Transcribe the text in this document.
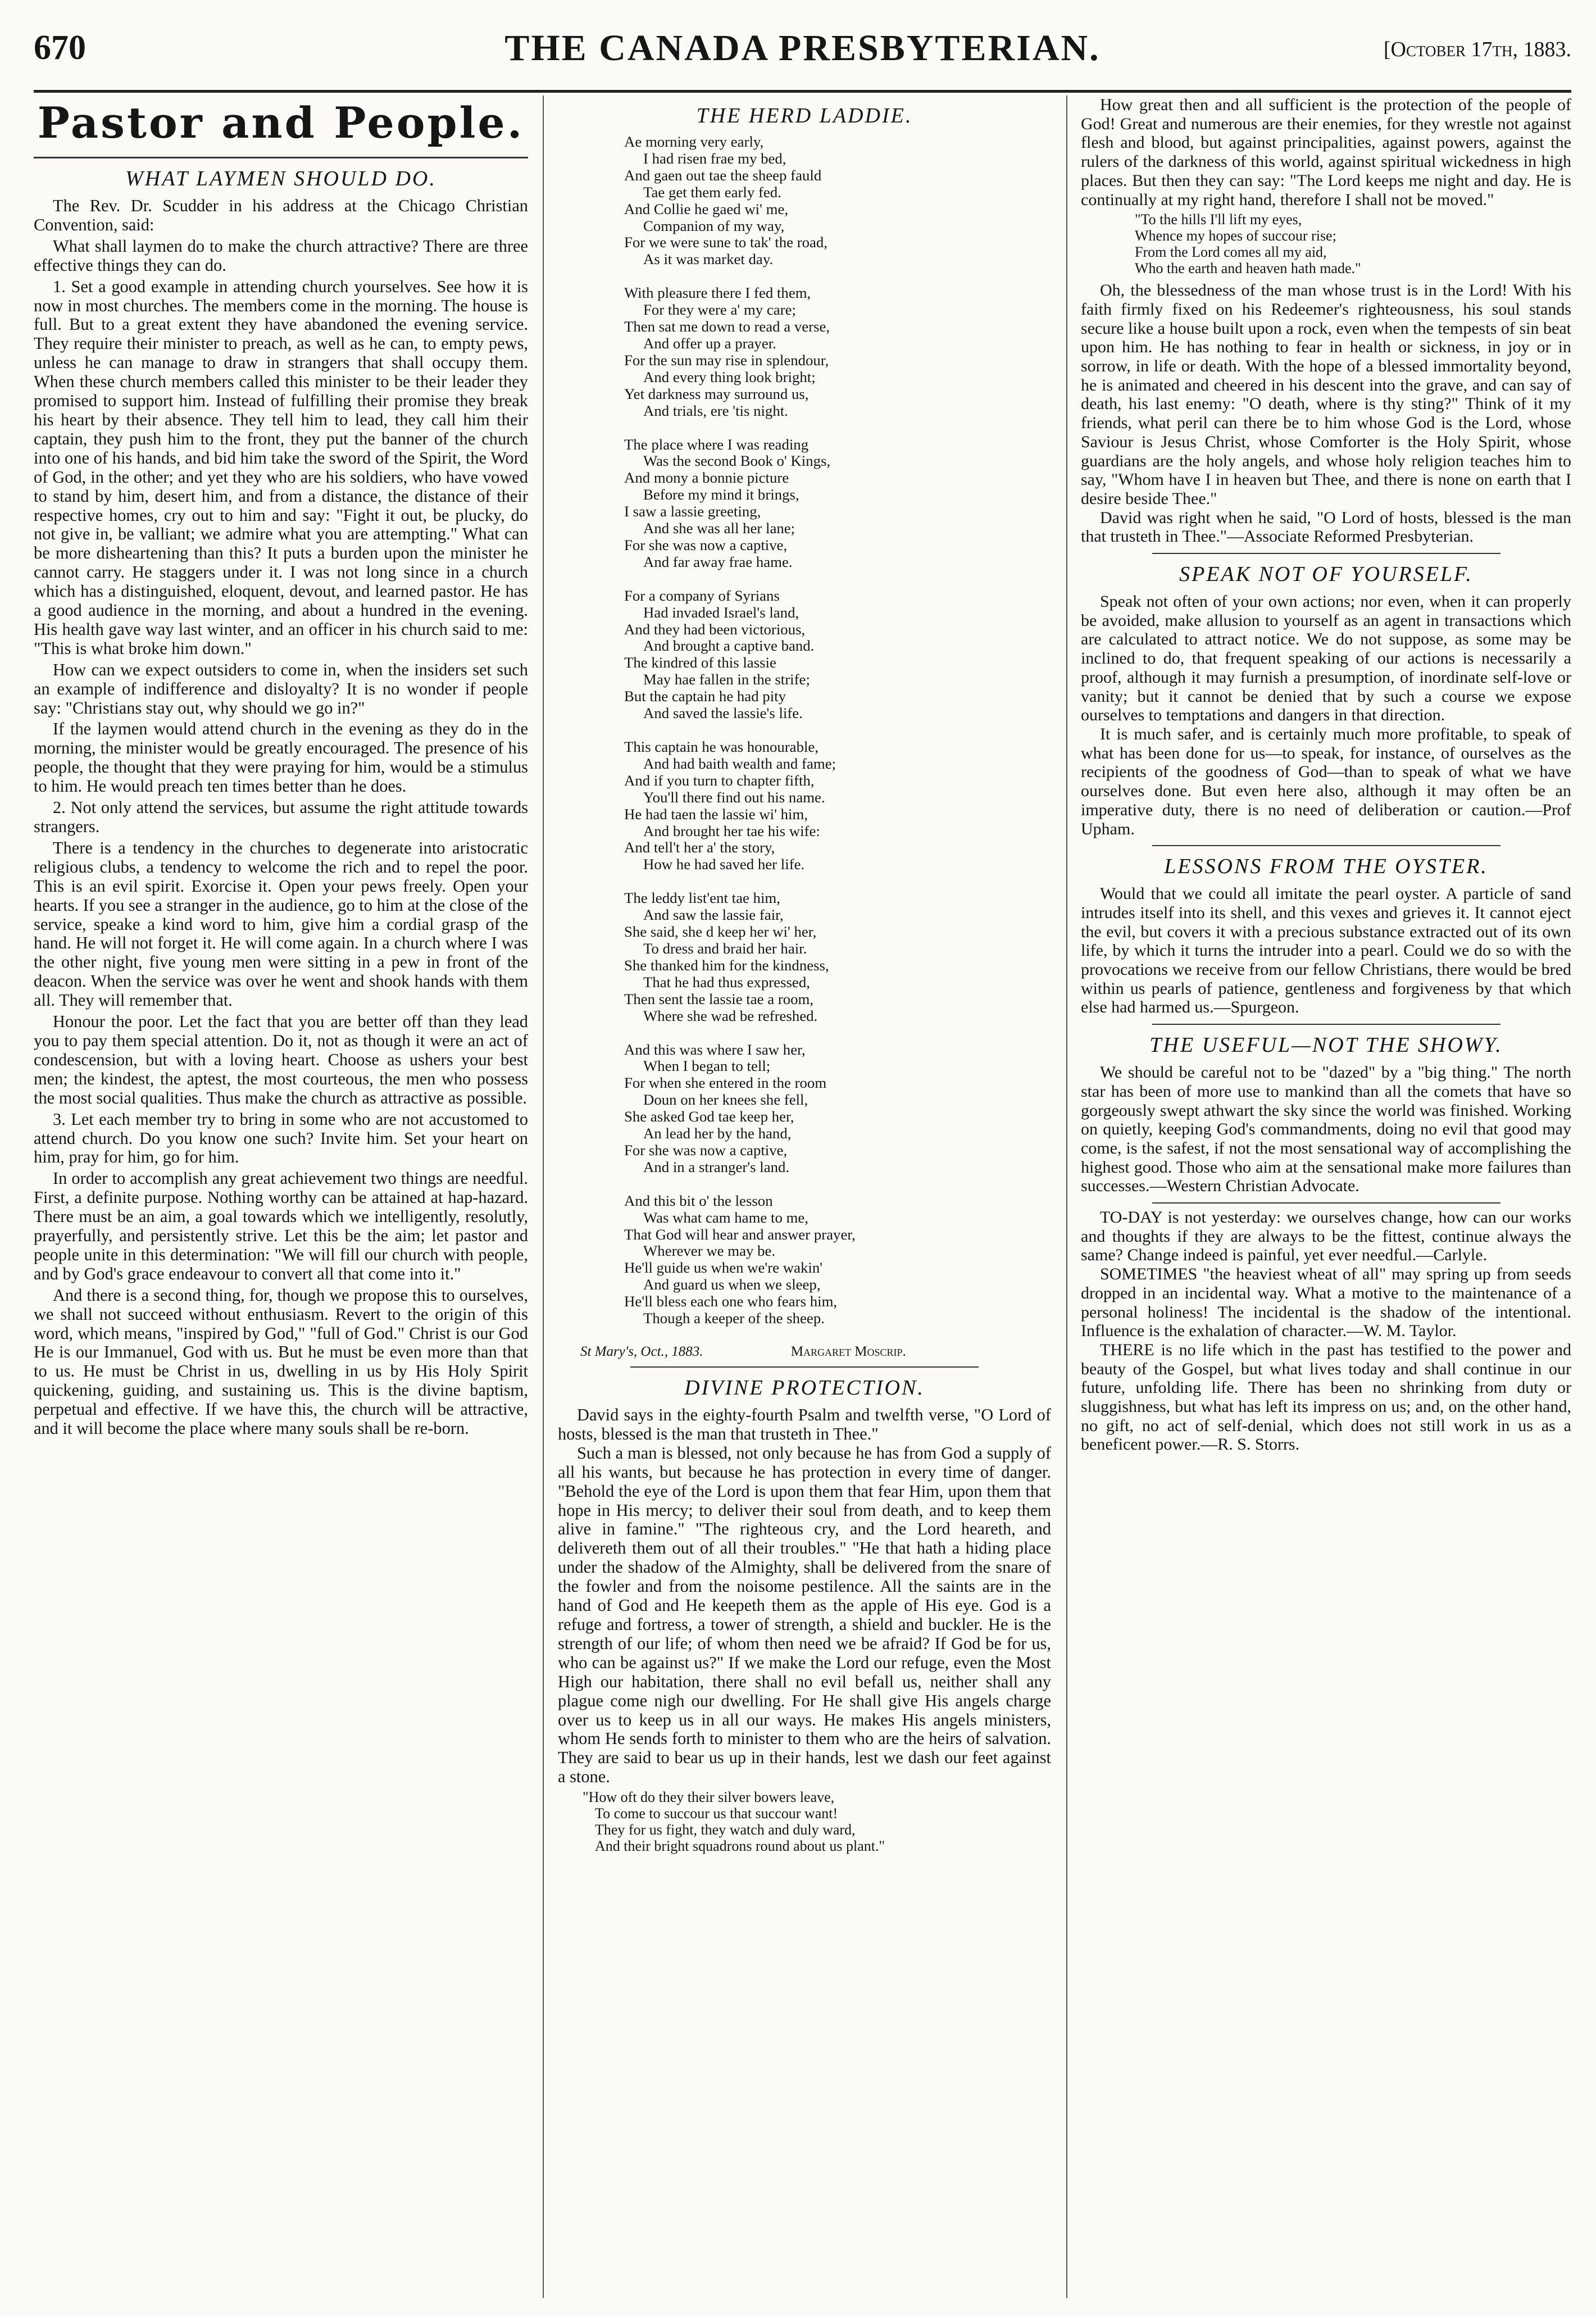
670	THE CANADA PRESBYTERIAN.	[October 17th, 1883.
Pastor and People.
WHAT LAYMEN SHOULD DO.

The Rev. Dr. Scudder in his address at the Chicago Christian Convention, said:

What shall laymen do to make the church attractive? There are three effective things they can do.

1. Set a good example in attending church yourselves. See how it is now in most churches. The members come in the morning. The house is full. But to a great extent they have abandoned the evening service. They require their minister to preach, as well as he can, to empty pews, unless he can manage to draw in strangers that shall occupy them. When these church members called this minister to be their leader they promised to support him. Instead of fulfilling their promise they break his heart by their absence. They tell him to lead, they call him their captain, they push him to the front, they put the banner of the church into one of his hands, and bid him take the sword of the Spirit, the Word of God, in the other; and yet they who are his soldiers, who have vowed to stand by him, desert him, and from a distance, the distance of their respective homes, cry out to him and say: "Fight it out, be plucky, do not give in, be valliant; we admire what you are attempting." What can be more disheartening than this? It puts a burden upon the minister he cannot carry. He staggers under it. I was not long since in a church which has a distinguished, eloquent, devout, and learned pastor. He has a good audience in the morning, and about a hundred in the evening. His health gave way last winter, and an officer in his church said to me: "This is what broke him down."

How can we expect outsiders to come in, when the insiders set such an example of indifference and disloyalty? It is no wonder if people say: "Christians stay out, why should we go in?"

If the laymen would attend church in the evening as they do in the morning, the minister would be greatly encouraged. The presence of his people, the thought that they were praying for him, would be a stimulus to him. He would preach ten times better than he does.

2. Not only attend the services, but assume the right attitude towards strangers.

There is a tendency in the churches to degenerate into aristocratic religious clubs, a tendency to welcome the rich and to repel the poor. This is an evil spirit. Exorcise it. Open your pews freely. Open your hearts. If you see a stranger in the audience, go to him at the close of the service, speake a kind word to him, give him a cordial grasp of the hand. He will not forget it. He will come again. In a church where I was the other night, five young men were sitting in a pew in front of the deacon. When the service was over he went and shook hands with them all. They will remember that.

Honour the poor. Let the fact that you are better off than they lead you to pay them special attention. Do it, not as though it were an act of condescension, but with a loving heart. Choose as ushers your best men; the kindest, the aptest, the most courteous, the men who possess the most social qualities. Thus make the church as attractive as possible.

3. Let each member try to bring in some who are not accustomed to attend church. Do you know one such? Invite him. Set your heart on him, pray for him, go for him.

In order to accomplish any great achievement two things are needful. First, a definite purpose. Nothing worthy can be attained at hap-hazard. There must be an aim, a goal towards which we intelligently, resolutly, prayerfully, and persistently strive. Let this be the aim; let pastor and people unite in this determination: "We will fill our church with people, and by God's grace endeavour to convert all that come into it."

And there is a second thing, for, though we propose this to ourselves, we shall not succeed without enthusiasm. Revert to the origin of this word, which means, "inspired by God," "full of God." Christ is our God He is our Immanuel, God with us. But he must be even more than that to us. He must be Christ in us, dwelling in us by His Holy Spirit quickening, guiding, and sustaining us. This is the divine baptism, perpetual and effective. If we have this, the church will be attractive, and it will become the place where many souls shall be re-born.

THE HERD LADDIE.
Ae morning very early,
I had risen frae my bed,
And gaen out tae the sheep fauld
Tae get them early fed.
And Collie he gaed wi' me,
Companion of my way,
For we were sune to tak' the road,
As it was market day.
With pleasure there I fed them,
For they were a' my care;
Then sat me down to read a verse,
And offer up a prayer.
For the sun may rise in splendour,
And every thing look bright;
Yet darkness may surround us,
And trials, ere 'tis night.
The place where I was reading
Was the second Book o' Kings,
And mony a bonnie picture
Before my mind it brings,
I saw a lassie greeting,
And she was all her lane;
For she was now a captive,
And far away frae hame.
For a company of Syrians
Had invaded Israel's land,
And they had been victorious,
And brought a captive band.
The kindred of this lassie
May hae fallen in the strife;
But the captain he had pity
And saved the lassie's life.
This captain he was honourable,
And had baith wealth and fame;
And if you turn to chapter fifth,
You'll there find out his name.
He had taen the lassie wi' him,
And brought her tae his wife:
And tell't her a' the story,
How he had saved her life.
The leddy list'ent tae him,
And saw the lassie fair,
She said, she d keep her wi' her,
To dress and braid her hair.
She thanked him for the kindness,
That he had thus expressed,
Then sent the lassie tae a room,
Where she wad be refreshed.
And this was where I saw her,
When I began to tell;
For when she entered in the room
Doun on her knees she fell,
She asked God tae keep her,
An lead her by the hand,
For she was now a captive,
And in a stranger's land.
And this bit o' the lesson
Was what cam hame to me,
That God will hear and answer prayer,
Wherever we may be.
He'll guide us when we're wakin'
And guard us when we sleep,
He'll bless each one who fears him,
Though a keeper of the sheep.
St Mary's, Oct., 1883.	Margaret Moscrip.
DIVINE PROTECTION.

David says in the eighty-fourth Psalm and twelfth verse, "O Lord of hosts, blessed is the man that trusteth in Thee."

Such a man is blessed, not only because he has from God a supply of all his wants, but because he has protection in every time of danger. "Behold the eye of the Lord is upon them that fear Him, upon them that hope in His mercy; to deliver their soul from death, and to keep them alive in famine." "The righteous cry, and the Lord heareth, and delivereth them out of all their troubles." "He that hath a hiding place under the shadow of the Almighty, shall be delivered from the snare of the fowler and from the noisome pestilence. All the saints are in the hand of God and He keepeth them as the apple of His eye. God is a refuge and fortress, a tower of strength, a shield and buckler. He is the strength of our life; of whom then need we be afraid? If God be for us, who can be against us?" If we make the Lord our refuge, even the Most High our habitation, there shall no evil befall us, neither shall any plague come nigh our dwelling. For He shall give His angels charge over us to keep us in all our ways. He makes His angels ministers, whom He sends forth to minister to them who are the heirs of salvation. They are said to bear us up in their hands, lest we dash our feet against a stone.

"How oft do they their silver bowers leave,
To come to succour us that succour want!
They for us fight, they watch and duly ward,
And their bright squadrons round about us plant."

How great then and all sufficient is the protection of the people of God! Great and numerous are their enemies, for they wrestle not against flesh and blood, but against principalities, against powers, against the rulers of the darkness of this world, against spiritual wickedness in high places. But then they can say: "The Lord keeps me night and day. He is continually at my right hand, therefore I shall not be moved."

"To the hills I'll lift my eyes,
Whence my hopes of succour rise;
From the Lord comes all my aid,
Who the earth and heaven hath made."

Oh, the blessedness of the man whose trust is in the Lord! With his faith firmly fixed on his Redeemer's righteousness, his soul stands secure like a house built upon a rock, even when the tempests of sin beat upon him. He has nothing to fear in health or sickness, in joy or in sorrow, in life or death. With the hope of a blessed immortality beyond, he is animated and cheered in his descent into the grave, and can say of death, his last enemy: "O death, where is thy sting?" Think of it my friends, what peril can there be to him whose God is the Lord, whose Saviour is Jesus Christ, whose Comforter is the Holy Spirit, whose guardians are the holy angels, and whose holy religion teaches him to say, "Whom have I in heaven but Thee, and there is none on earth that I desire beside Thee."

David was right when he said, "O Lord of hosts, blessed is the man that trusteth in Thee."—Associate Reformed Presbyterian.

SPEAK NOT OF YOURSELF.

Speak not often of your own actions; nor even, when it can properly be avoided, make allusion to yourself as an agent in transactions which are calculated to attract notice. We do not suppose, as some may be inclined to do, that frequent speaking of our actions is necessarily a proof, although it may furnish a presumption, of inordinate self-love or vanity; but it cannot be denied that by such a course we expose ourselves to temptations and dangers in that direction.

It is much safer, and is certainly much more profitable, to speak of what has been done for us—to speak, for instance, of ourselves as the recipients of the goodness of God—than to speak of what we have ourselves done. But even here also, although it may often be an imperative duty, there is no need of deliberation or caution.—Prof Upham.

LESSONS FROM THE OYSTER.

Would that we could all imitate the pearl oyster. A particle of sand intrudes itself into its shell, and this vexes and grieves it. It cannot eject the evil, but covers it with a precious substance extracted out of its own life, by which it turns the intruder into a pearl. Could we do so with the provocations we receive from our fellow Christians, there would be bred within us pearls of patience, gentleness and forgiveness by that which else had harmed us.—Spurgeon.

THE USEFUL—NOT THE SHOWY.

We should be careful not to be "dazed" by a "big thing." The north star has been of more use to mankind than all the comets that have so gorgeously swept athwart the sky since the world was finished. Working on quietly, keeping God's commandments, doing no evil that good may come, is the safest, if not the most sensational way of accomplishing the highest good. Those who aim at the sensational make more failures than successes.—Western Christian Advocate.

TO-DAY is not yesterday: we ourselves change, how can our works and thoughts if they are always to be the fittest, continue always the same? Change indeed is painful, yet ever needful.—Carlyle.

SOMETIMES "the heaviest wheat of all" may spring up from seeds dropped in an incidental way. What a motive to the maintenance of a personal holiness! The incidental is the shadow of the intentional. Influence is the exhalation of character.—W. M. Taylor.

THERE is no life which in the past has testified to the power and beauty of the Gospel, but what lives today and shall continue in our future, unfolding life. There has been no shrinking from duty or sluggishness, but what has left its impress on us; and, on the other hand, no gift, no act of self-denial, which does not still work in us as a beneficent power.—R. S. Storrs.
